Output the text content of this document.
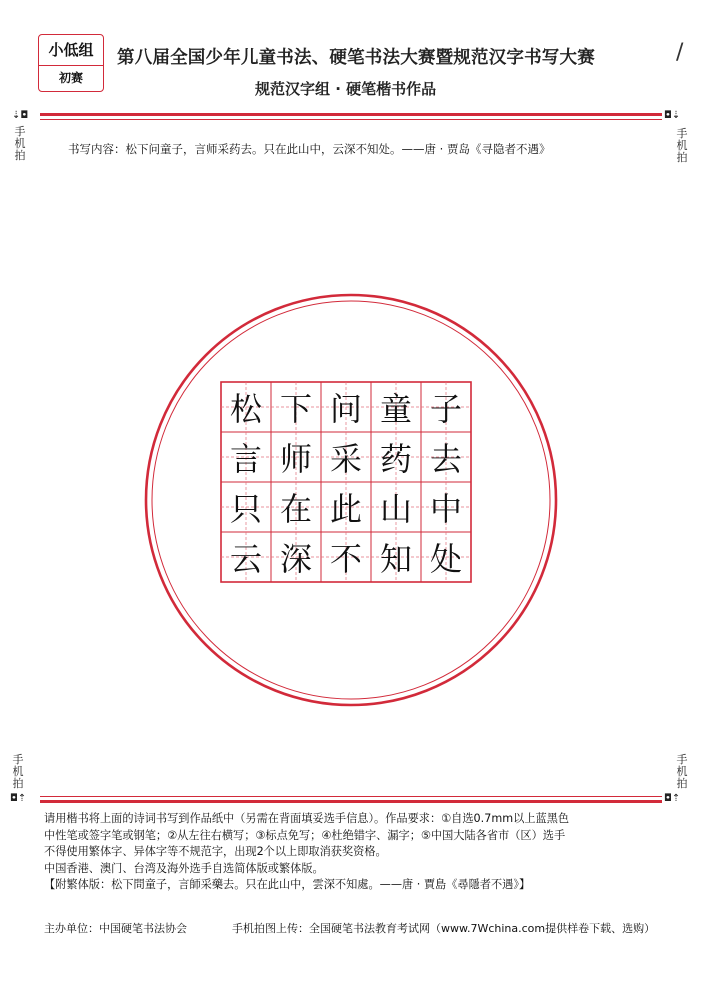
小低组
初赛
第八届全国少年儿童书法、硬笔书法大赛暨规范汉字书写大赛	/
规范汉字组 · 硬笔楷书作品
⇣◘
手机拍
◘⇣
手机拍
书写内容：松下问童子，言师采药去。只在此山中，云深不知处。——唐 · 贾岛《寻隐者不遇》
松 下 问 童 子
言 师 采 药 去
只 在 此 山 中
云 深 不 知 处
手机拍
◘⇡
手机拍
◘⇡

请用楷书将上面的诗词书写到作品纸中（另需在背面填妥选手信息）。作品要求：①自选0.7mm以上蓝黑色

中性笔或签字笔或钢笔；②从左往右横写；③标点免写；④杜绝错字、漏字；⑤中国大陆各省市（区）选手

不得使用繁体字、异体字等不规范字，出现2个以上即取消获奖资格。

中国香港、澳门、台湾及海外选手自选简体版或繁体版。

【附繁体版：松下問童子，言師采藥去。只在此山中，雲深不知處。——唐 · 賈島《尋隱者不遇》】

主办单位：中国硬笔书法协会	手机拍图上传：全国硬笔书法教育考试网（www.7Wchina.com提供样卷下载、选购）
